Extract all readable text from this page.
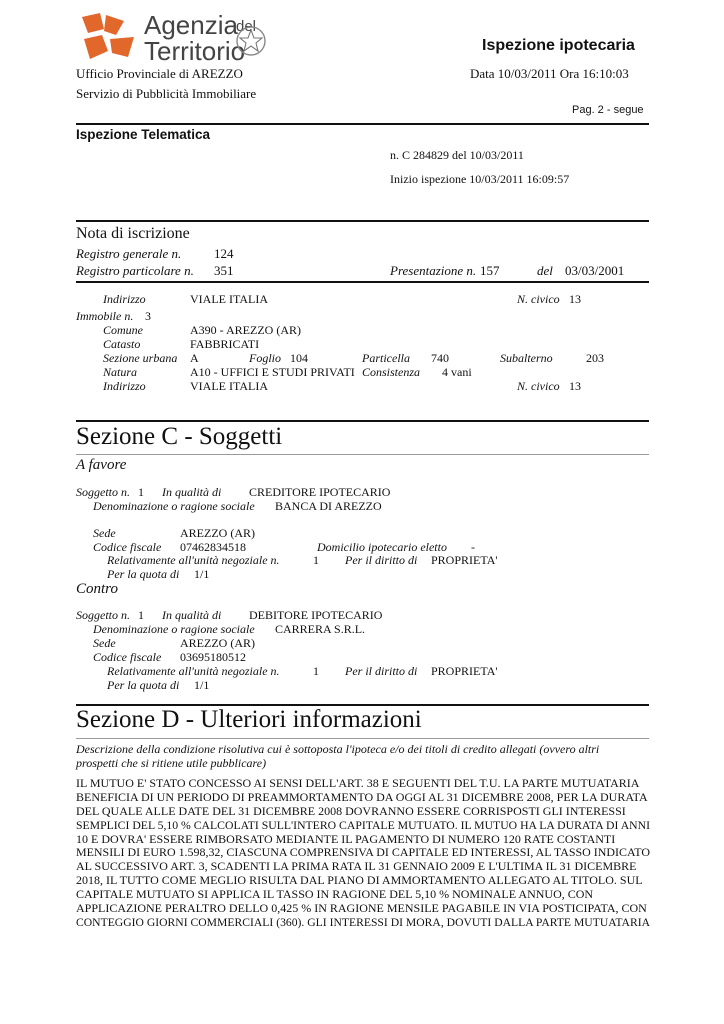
Agenzia
del
Territorio	Ispezione ipotecaria
Ufficio Provinciale di AREZZO	Data 10/03/2011 Ora 16:10:03
Servizio di Pubblicità Immobiliare
Pag. 2 - segue
Ispezione Telematica
n. C 284829 del 10/03/2011
Inizio ispezione 10/03/2011 16:09:57
Nota di iscrizione
Registro generale n.	124
Registro particolare n. 351	Presentazione n. 157	del 03/03/2001
Indirizzo	VIALE ITALIA	N. civico 13
Immobile n. 3
Comune	A390 - AREZZO (AR)
Catasto	FABBRICATI
Sezione urbana A	Foglio 104	Particella 740	Subalterno	203
Natura	A10 - UFFICI E STUDI PRIVATI Consistenza 4 vani
Indirizzo	VIALE ITALIA	N. civico 13
Sezione C - Soggetti
A favore
Soggetto n. 1 In qualità di CREDITORE IPOTECARIO
Denominazione o ragione sociale BANCA DI AREZZO
Sede	AREZZO (AR)
Codice fiscale 07462834518	Domicilio ipotecario eletto -
Relativamente all'unità negoziale n.	1 Per il diritto di PROPRIETA'
Per la quota di 1/1
Contro
Soggetto n. 1 In qualità di DEBITORE IPOTECARIO
Denominazione o ragione sociale CARRERA S.R.L.
Sede	AREZZO (AR)
Codice fiscale 03695180512
Relativamente all'unità negoziale n.	1 Per il diritto di PROPRIETA'
Per la quota di 1/1
Sezione D - Ulteriori informazioni
Descrizione della condizione risolutiva cui è sottoposta l'ipoteca e/o dei titoli di credito allegati (ovvero altri
prospetti che si ritiene utile pubblicare)
IL MUTUO E' STATO CONCESSO AI SENSI DELL'ART. 38 E SEGUENTI DEL T.U. LA PARTE MUTUATARIA
BENEFICIA DI UN PERIODO DI PREAMMORTAMENTO DA OGGI AL 31 DICEMBRE 2008, PER LA DURATA
DEL QUALE ALLE DATE DEL 31 DICEMBRE 2008 DOVRANNO ESSERE CORRISPOSTI GLI INTERESSI
SEMPLICI DEL 5,10 % CALCOLATI SULL'INTERO CAPITALE MUTUATO. IL MUTUO HA LA DURATA DI ANNI
10 E DOVRA' ESSERE RIMBORSATO MEDIANTE IL PAGAMENTO DI NUMERO 120 RATE COSTANTI
MENSILI DI EURO 1.598,32, CIASCUNA COMPRENSIVA DI CAPITALE ED INTERESSI, AL TASSO INDICATO
AL SUCCESSIVO ART. 3, SCADENTI LA PRIMA RATA IL 31 GENNAIO 2009 E L'ULTIMA IL 31 DICEMBRE
2018, IL TUTTO COME MEGLIO RISULTA DAL PIANO DI AMMORTAMENTO ALLEGATO AL TITOLO. SUL
CAPITALE MUTUATO SI APPLICA IL TASSO IN RAGIONE DEL 5,10 % NOMINALE ANNUO, CON
APPLICAZIONE PERALTRO DELLO 0,425 % IN RAGIONE MENSILE PAGABILE IN VIA POSTICIPATA, CON
CONTEGGIO GIORNI COMMERCIALI (360). GLI INTERESSI DI MORA, DOVUTI DALLA PARTE MUTUATARIA
